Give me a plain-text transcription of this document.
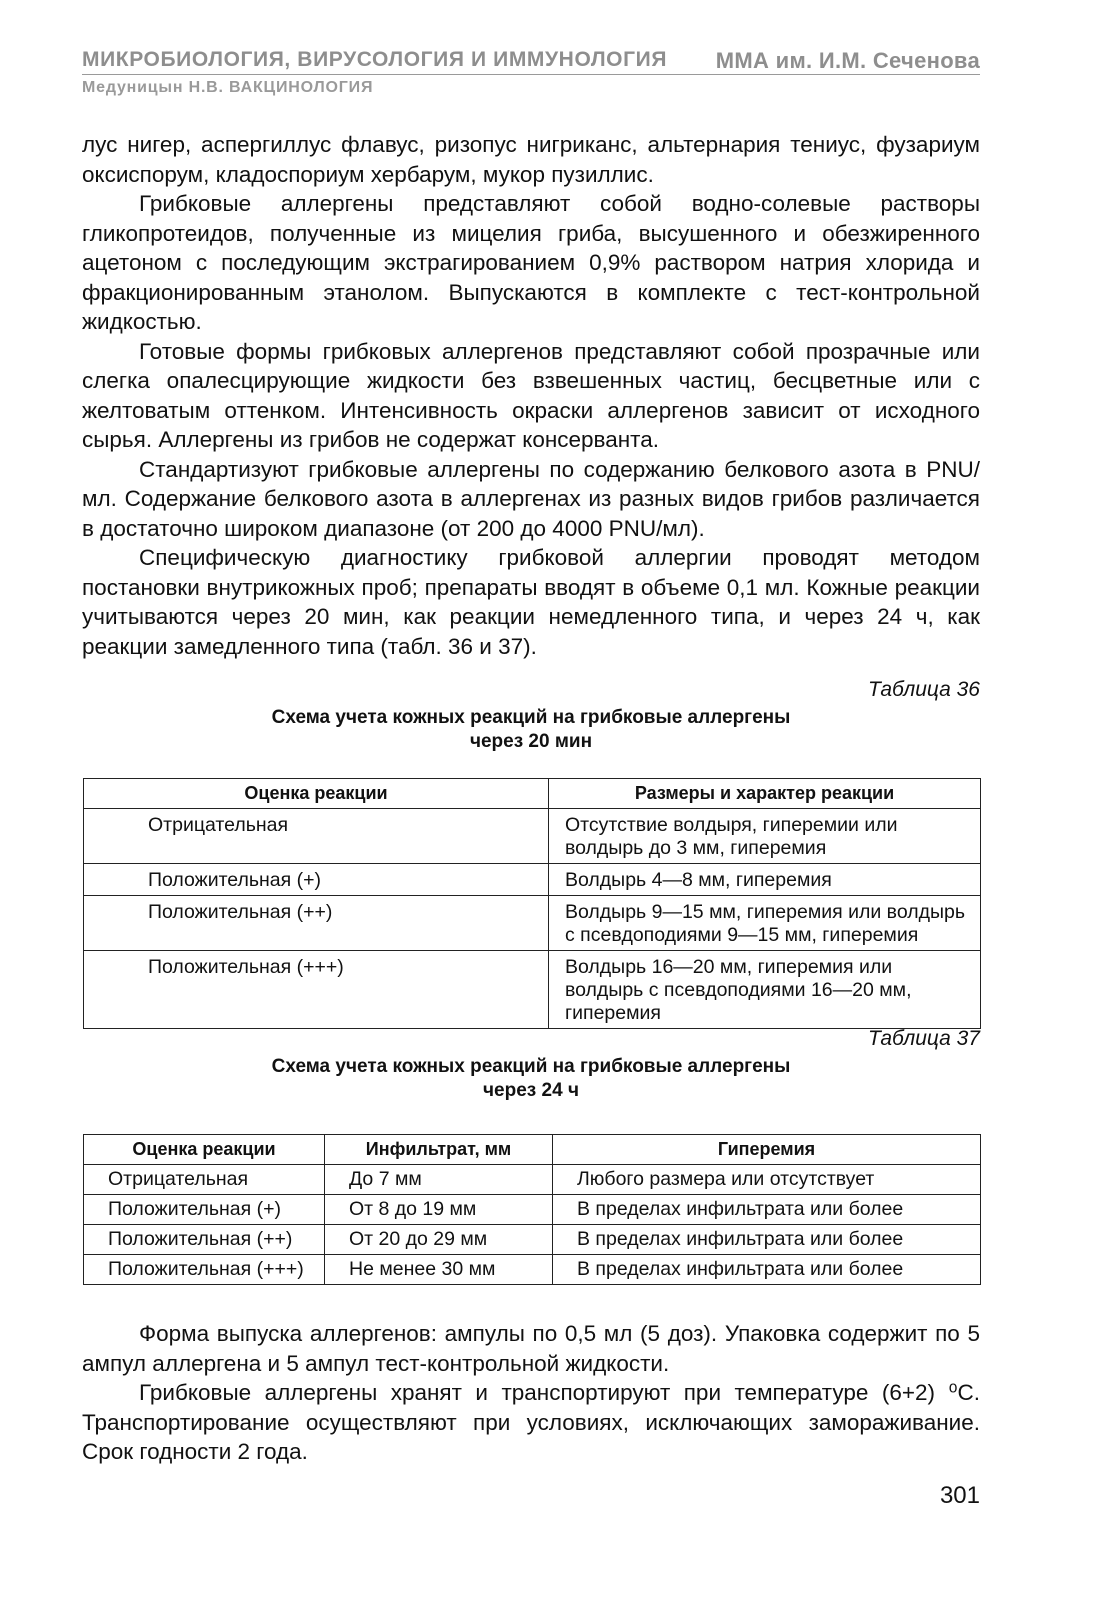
МИКРОБИОЛОГИЯ, ВИРУСОЛОГИЯ И ИММУНОЛОГИЯ ММА им. И.М. Сеченова
Медуницын Н.В. ВАКЦИНОЛОГИЯ

лус нигер, аспергиллус флавус, ризопус нигриканс, альтернария тениус, фузариум оксиспорум, кладоспориум хербарум, мукор пузиллис.

Грибковые аллергены представляют собой водно-солевые растворы гликопротеидов, полученные из мицелия гриба, высушенного и обезжиренного ацетоном с последующим экстрагированием 0,9% раствором натрия хлорида и фракционированным этанолом. Выпускаются в комплекте с тест-контрольной жидкостью.

Готовые формы грибковых аллергенов представляют собой прозрачные или слегка опалесцирующие жидкости без взвешенных частиц, бесцветные или с желтоватым оттенком. Интенсивность окраски аллергенов зависит от исходного сырья. Аллергены из грибов не содержат консерванта.

Стандартизуют грибковые аллергены по содержанию белкового азота в PNU/мл. Содержание белкового азота в аллергенах из разных видов грибов различается в достаточно широком диапазоне (от 200 до 4000 PNU/мл).

Специфическую диагностику грибковой аллергии проводят методом постановки внутрикожных проб; препараты вводят в объеме 0,1 мл. Кожные реакции учитываются через 20 мин, как реакции немедленного типа, и через 24 ч, как реакции замедленного типа (табл. 36 и 37).

Таблица 36
Схема учета кожных реакций на грибковые аллергены
через 20 мин
Оценка реакции	Размеры и характер реакции
Отрицательная	Отсутствие волдыря, гиперемии или волдырь до 3 мм, гиперемия
Положительная (+)	Волдырь 4—8 мм, гиперемия
Положительная (++)	Волдырь 9—15 мм, гиперемия или волдырь с псевдоподиями 9—15 мм, гиперемия
Положительная (+++)	Волдырь 16—20 мм, гиперемия или волдырь с псевдоподиями 16—20 мм, гиперемия
Таблица 37
Схема учета кожных реакций на грибковые аллергены
через 24 ч
Оценка реакции	Инфильтрат, мм	Гиперемия
Отрицательная	До 7 мм	Любого размера или отсутствует
Положительная (+)	От 8 до 19 мм	В пределах инфильтрата или более
Положительная (++)	От 20 до 29 мм	В пределах инфильтрата или более
Положительная (+++)	Не менее 30 мм	В пределах инфильтрата или более

Форма выпуска аллергенов: ампулы по 0,5 мл (5 доз). Упаковка содержит по 5 ампул аллергена и 5 ампул тест-контрольной жидкости.

Грибковые аллергены хранят и транспортируют при температуре (6+2) ⁰С. Транспортирование осуществляют при условиях, исключающих замораживание. Срок годности 2 года.

301
